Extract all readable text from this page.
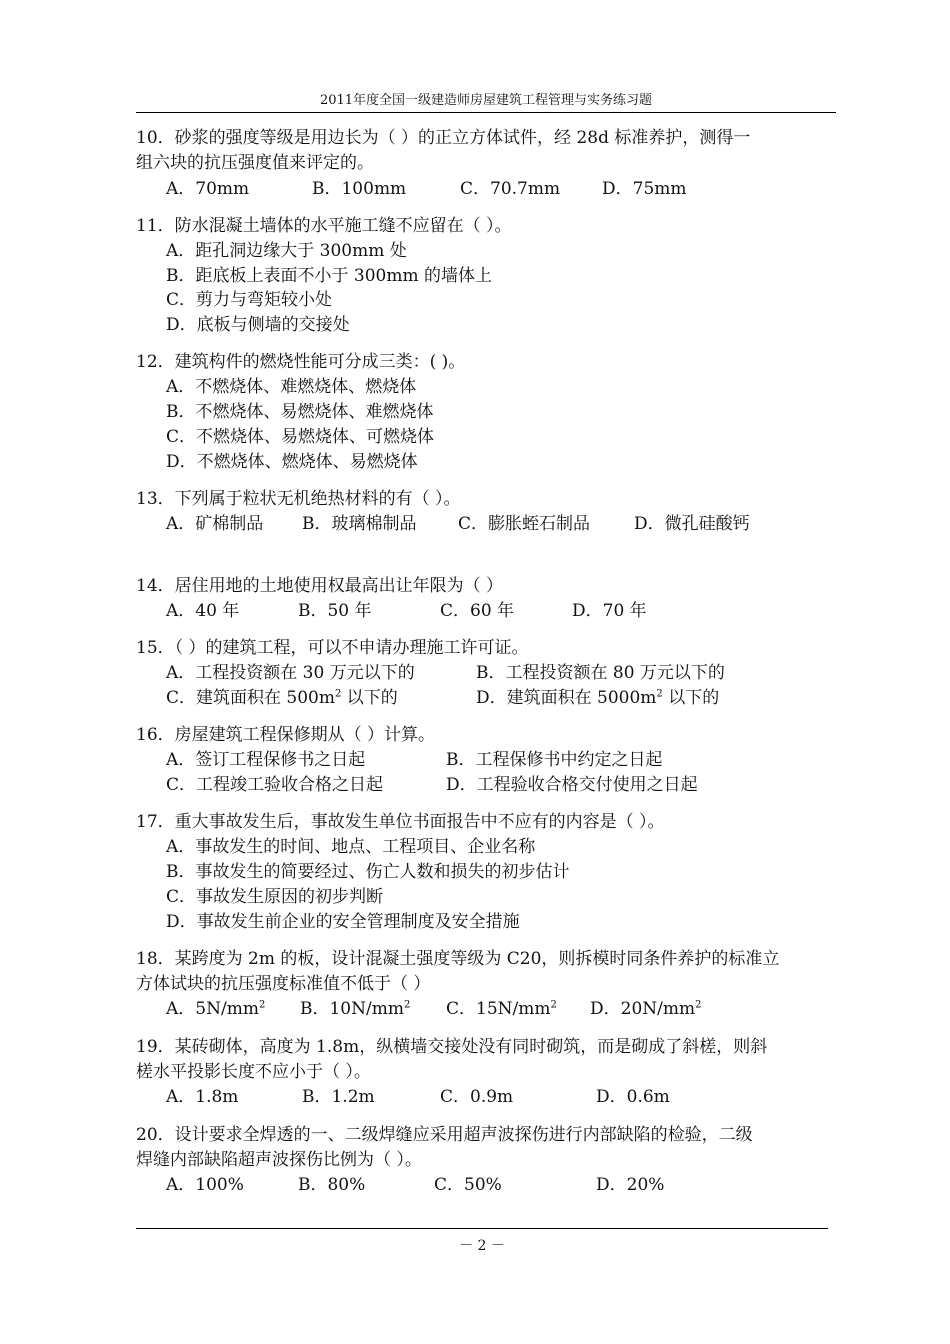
2011年度全国一级建造师房屋建筑工程管理与实务练习题
10．砂浆的强度等级是用边长为（ ）的正立方体试件，经 28d 标准养护，测得一
组六块的抗压强度值来评定的。
A．70mm	B．100mm	C．70.7mm D．75mm
11．防水混凝土墙体的水平施工缝不应留在（ ）。
A．距孔洞边缘大于 300mm 处
B．距底板上表面不小于 300mm 的墙体上
C．剪力与弯矩较小处
D．底板与侧墙的交接处
12．建筑构件的燃烧性能可分成三类：( )。
A．不燃烧体、难燃烧体、燃烧体
B．不燃烧体、易燃烧体、难燃烧体
C．不燃烧体、易燃烧体、可燃烧体
D．不燃烧体、燃烧体、易燃烧体
13．下列属于粒状无机绝热材料的有（ ）。
A．矿棉制品 B．玻璃棉制品 C．膨胀蛭石制品	D．微孔硅酸钙
14．居住用地的土地使用权最高出让年限为（ ）
A．40 年	B．50 年	C．60 年	D．70 年
15．（ ）的建筑工程，可以不申请办理施工许可证。
A．工程投资额在 30 万元以下的	B．工程投资额在 80 万元以下的
C．建筑面积在 $500m^2$ 以下的	D．建筑面积在 $5000m^2$ 以下的
16．房屋建筑工程保修期从（ ）计算。
A．签订工程保修书之日起	B．工程保修书中约定之日起
C．工程竣工验收合格之日起	D．工程验收合格交付使用之日起
17．重大事故发生后，事故发生单位书面报告中不应有的内容是（ ）。
A．事故发生的时间、地点、工程项目、企业名称
B．事故发生的简要经过、伤亡人数和损失的初步估计
C．事故发生原因的初步判断
D．事故发生前企业的安全管理制度及安全措施
18．某跨度为 2m 的板，设计混凝土强度等级为 C20，则拆模时同条件养护的标准立
方体试块的抗压强度标准值不低于（ ）
A．$5N/mm^2$ B．$10N/mm^2$ C．$15N/mm^2$ D．$20N/mm^2$
19．某砖砌体，高度为 1.8m，纵横墙交接处没有同时砌筑，而是砌成了斜槎，则斜
槎水平投影长度不应小于（ ）。
A．1.8m	B．1.2m	C．0.9m	D．0.6m
20．设计要求全焊透的一、二级焊缝应采用超声波探伤进行内部缺陷的检验，二级
焊缝内部缺陷超声波探伤比例为（ ）。
A．100%	B．80%	C．50%	D．20%
－ 2 －
